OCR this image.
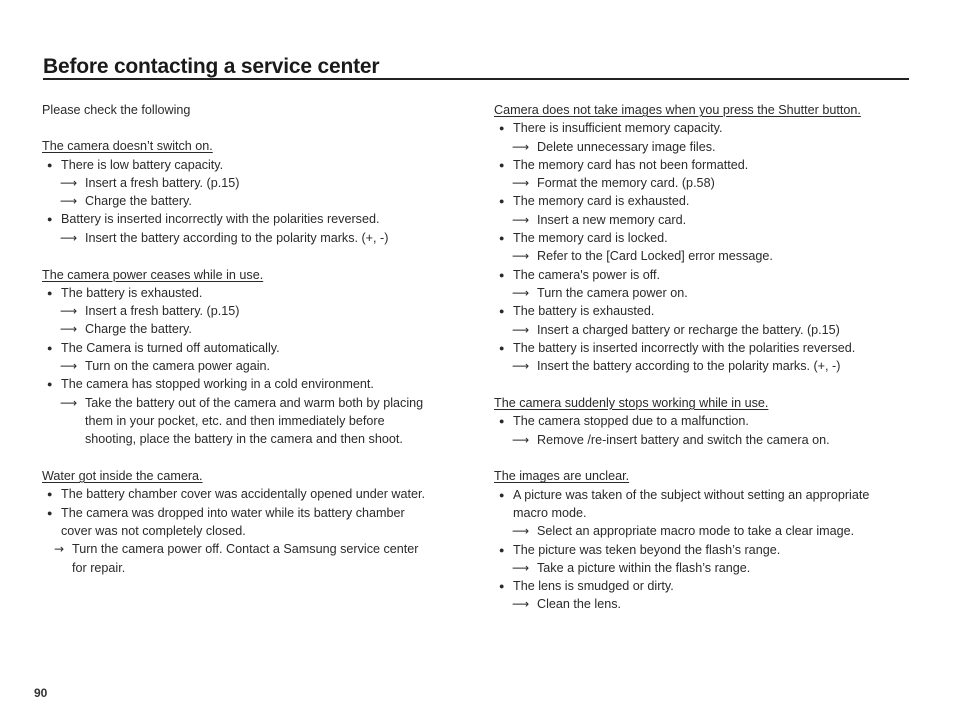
Before contacting a service center
Please check the following
The camera doesn’t switch on.
● There is low battery capacity.
⟶ Insert a fresh battery. (p.15)
⟶ Charge the battery.
● Battery is inserted incorrectly with the polarities reversed.
⟶ Insert the battery according to the polarity marks. (+, -)
The camera power ceases while in use.
● The battery is exhausted.
⟶ Insert a fresh battery. (p.15)
⟶ Charge the battery.
● The Camera is turned off automatically.
⟶ Turn on the camera power again.
● The camera has stopped working in a cold environment.
⟶ Take the battery out of the camera and warm both by placing
them in your pocket, etc. and then immediately before
shooting, place the battery in the camera and then shoot.
Water got inside the camera.
● The battery chamber cover was accidentally opened under water.
● The camera was dropped into water while its battery chamber
cover was not completely closed.
→ Turn the camera power off. Contact a Samsung service center
for repair.
Camera does not take images when you press the Shutter button.
● There is insufficient memory capacity.
⟶ Delete unnecessary image files.
● The memory card has not been formatted.
⟶ Format the memory card. (p.58)
● The memory card is exhausted.
⟶ Insert a new memory card.
● The memory card is locked.
⟶ Refer to the [Card Locked] error message.
● The camera's power is off.
⟶ Turn the camera power on.
● The battery is exhausted.
⟶ Insert a charged battery or recharge the battery. (p.15)
● The battery is inserted incorrectly with the polarities reversed.
⟶ Insert the battery according to the polarity marks. (+, -)
The camera suddenly stops working while in use.
● The camera stopped due to a malfunction.
⟶ Remove /re-insert battery and switch the camera on.
The images are unclear.
● A picture was taken of the subject without setting an appropriate
macro mode.
⟶ Select an appropriate macro mode to take a clear image.
● The picture was teken beyond the flash’s range.
⟶ Take a picture within the flash’s range.
● The lens is smudged or dirty.
⟶ Clean the lens.
90
